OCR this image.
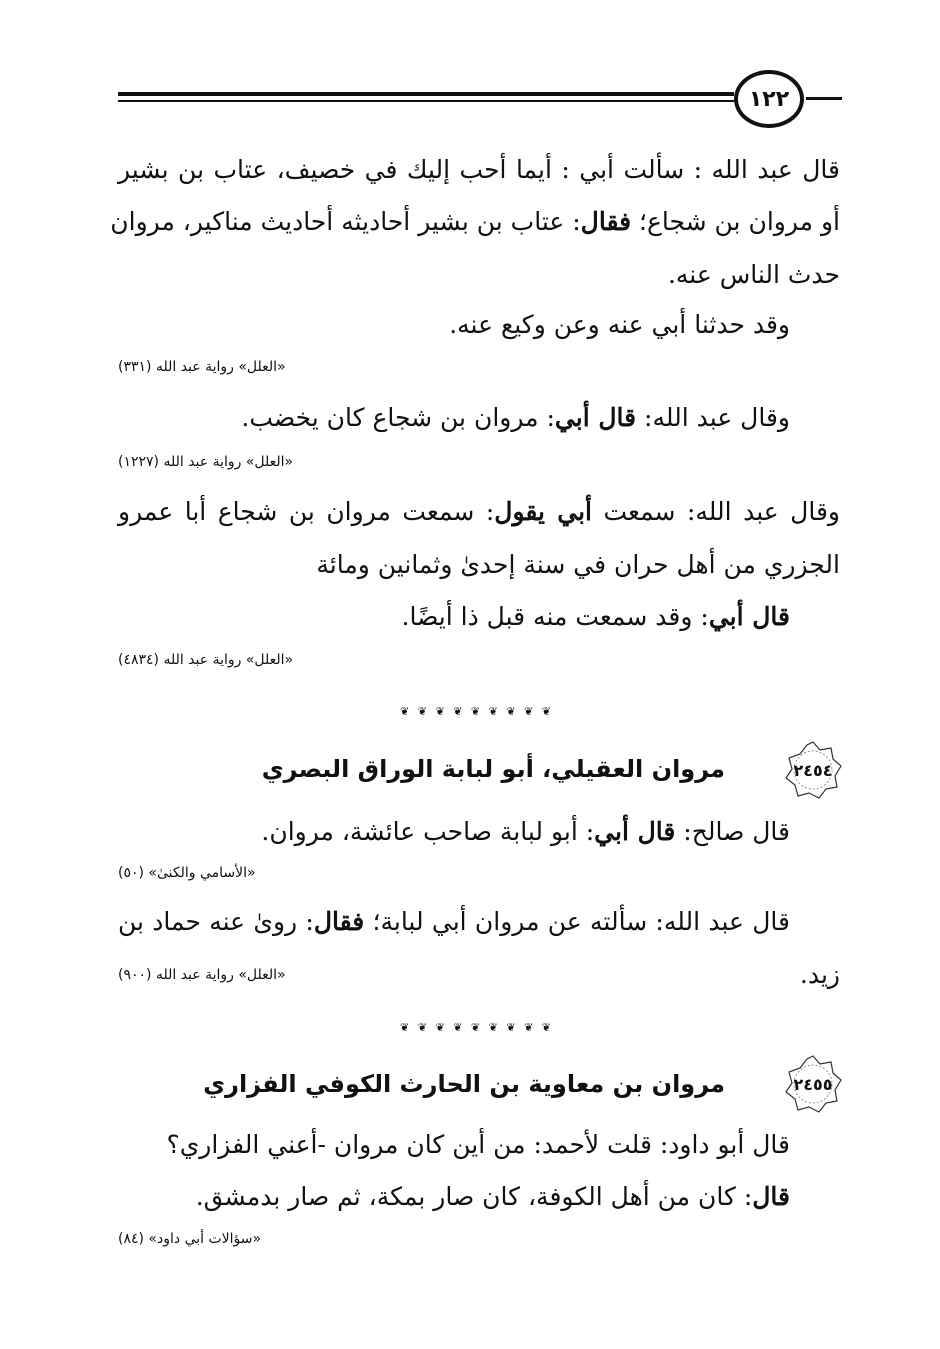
١٢٢
قال عبد الله : سألت أبي : أيما أحب إليك في خصيف، عتاب بن بشير
أو مروان بن شجاع؛ فقال: عتاب بن بشير أحاديثه أحاديث مناكير، مروان
حدث الناس عنه.
وقد حدثنا أبي عنه وعن وكيع عنه.
«العلل» رواية عبد الله (٣٣١)
وقال عبد الله: قال أبي: مروان بن شجاع كان يخضب.
«العلل» رواية عبد الله (١٢٢٧)
وقال عبد الله: سمعت أبي يقول: سمعت مروان بن شجاع أبا عمرو
الجزري من أهل حران في سنة إحدىٰ وثمانين ومائة
قال أبي: وقد سمعت منه قبل ذا أيضًا.
«العلل» رواية عبد الله (٤٨٣٤)
❦ ❦ ❦ ❦ ❦ ❦ ❦ ❦ ❦
٢٤٥٤
مروان العقيلي، أبو لبابة الوراق البصري
قال صالح: قال أبي: أبو لبابة صاحب عائشة، مروان.
«الأسامي والكنىٰ» (٥٠)
قال عبد الله: سألته عن مروان أبي لبابة؛ فقال: روىٰ عنه حماد بن
زيد.
«العلل» رواية عبد الله (٩٠٠)
❦ ❦ ❦ ❦ ❦ ❦ ❦ ❦ ❦
٢٤٥٥
مروان بن معاوية بن الحارث الكوفي الفزاري
قال أبو داود: قلت لأحمد: من أين كان مروان -أعني الفزاري؟
قال: كان من أهل الكوفة، كان صار بمكة، ثم صار بدمشق.
«سؤالات أبي داود» (٨٤)
